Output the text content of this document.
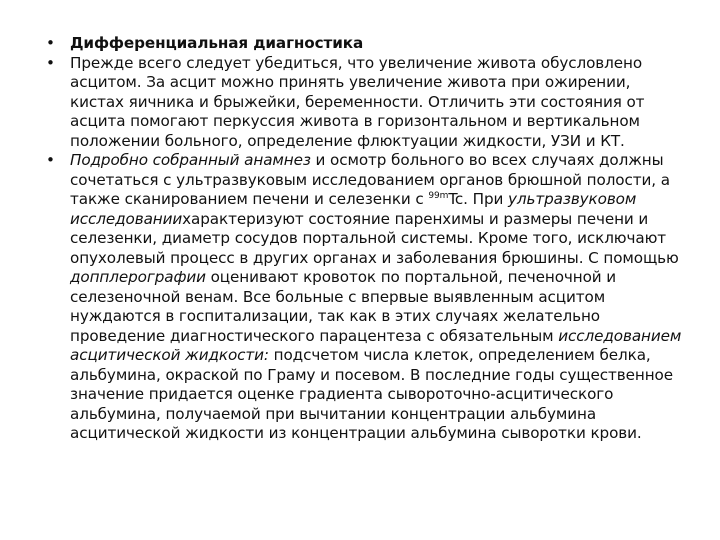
• Дифференциальная диагностика
• Прежде всего следует убедиться, что увеличение живота обусловлено асцитом. За асцит можно принять увеличение живота при ожирении, кистах яичника и брыжейки, беременности. Отличить эти состояния от асцита помогают перкуссия живота в горизонтальном и вертикальном положении больного, определение флюктуации жидкости, УЗИ и КТ.
• Подробно собранный анамнез и осмотр больного во всех случаях должны сочетаться с ультразвуковым исследованием органов брюшной полости, а также сканированием печени и селезенки с $^{99m}$Tc. При ультразвуковом исследованиихарактеризуют состояние паренхимы и размеры печени и селезенки, диаметр сосудов портальной системы. Кроме того, исключают опухолевый процесс в других органах и заболевания брюшины. С помощью допплерографии оценивают кровоток по портальной, печеночной и селезеночной венам. Все больные с впервые выявленным асцитом нуждаются в госпитализации, так как в этих случаях желательно проведение диагностического парацентеза с обязательным исследованием асцитической жидкости: подсчетом числа клеток, определением белка, альбумина, окраской по Граму и посевом. В последние годы существенное значение придается оценке градиента сывороточно-асцитического альбумина, получаемой при вычитании концентрации альбумина асцитической жидкости из концентрации альбумина сыворотки крови.
